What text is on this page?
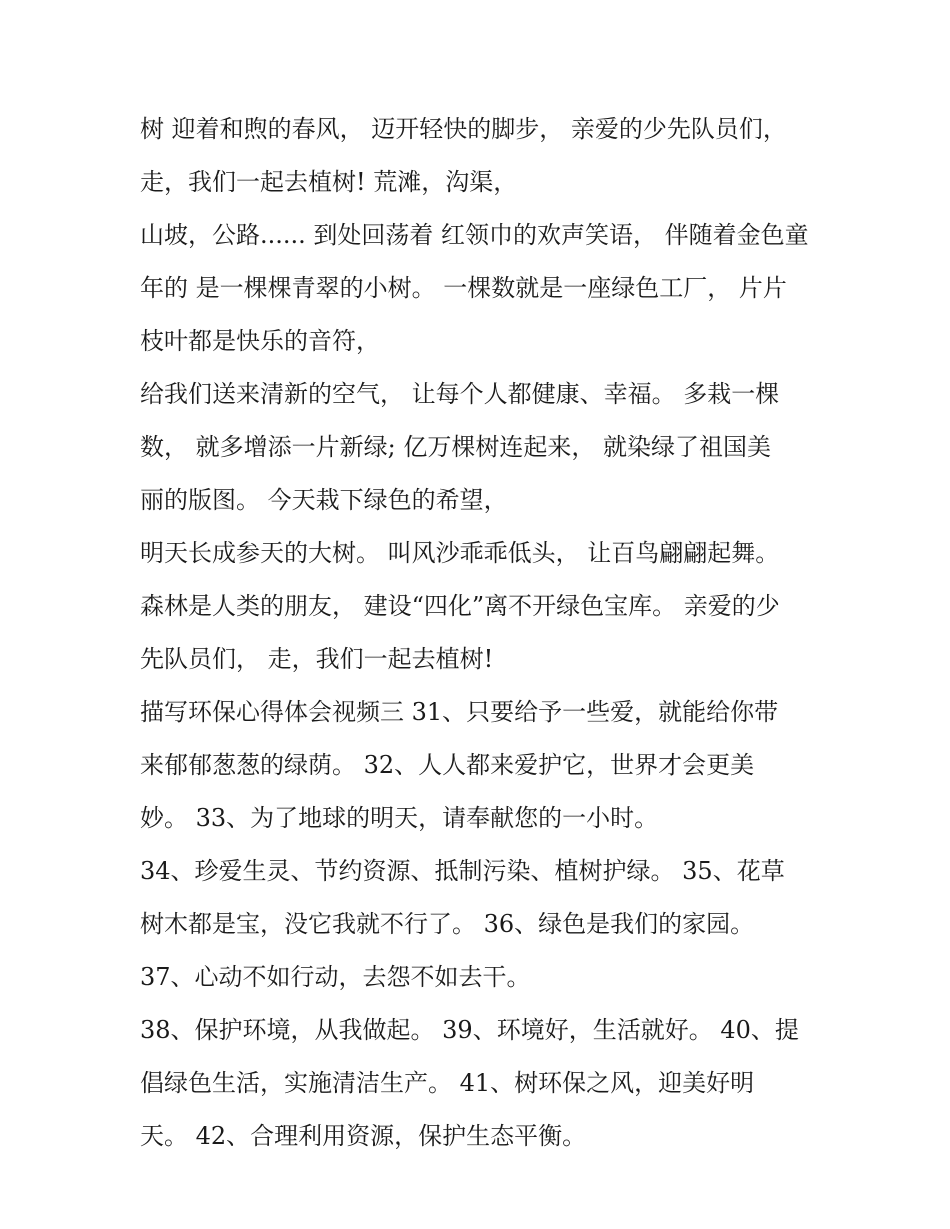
树 迎着和煦的春风， 迈开轻快的脚步， 亲爱的少先队员们，
走，我们一起去植树! 荒滩，沟渠，
山坡，公路...... 到处回荡着 红领巾的欢声笑语， 伴随着金色童
年的 是一棵棵青翠的小树。 一棵数就是一座绿色工厂， 片片
枝叶都是快乐的音符，
给我们送来清新的空气， 让每个人都健康、幸福。 多栽一棵
数， 就多增添一片新绿; 亿万棵树连起来， 就染绿了祖国美
丽的版图。 今天栽下绿色的希望，
明天长成参天的大树。 叫风沙乖乖低头， 让百鸟翩翩起舞。
森林是人类的朋友， 建设“四化”离不开绿色宝库。 亲爱的少
先队员们， 走，我们一起去植树!
描写环保心得体会视频三 31、只要给予一些爱，就能给你带
来郁郁葱葱的绿荫。 32、人人都来爱护它，世界才会更美
妙。 33、为了地球的明天，请奉献您的一小时。
34、珍爱生灵、节约资源、抵制污染、植树护绿。 35、花草
树木都是宝，没它我就不行了。 36、绿色是我们的家园。
37、心动不如行动，去怨不如去干。
38、保护环境，从我做起。 39、环境好，生活就好。 40、提
倡绿色生活，实施清洁生产。 41、树环保之风，迎美好明
天。 42、合理利用资源，保护生态平衡。
